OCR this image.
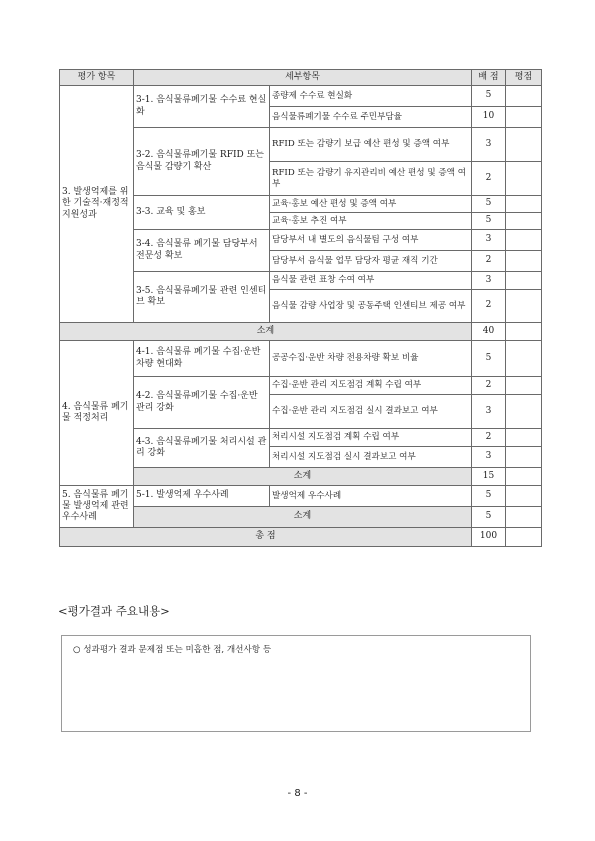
평가 항목	세부항목		배 점	평점
3. 발생억제를 위한 기술적·재정적 지원성과	3-1. 음식물류폐기물 수수료 현실화	종량제 수수료 현실화	5	
		음식물류폐기물 수수료 주민부담율	10	
	3-2. 음식물류폐기물 RFID 또는 음식물 감량기 확산	RFID 또는 감량기 보급 예산 편성 및 증액 여부	3	
		RFID 또는 감량기 유지관리비 예산 편성 및 증액 여부	2	
	3-3. 교육 및 홍보	교육·홍보 예산 편성 및 증액 여부	5	
		교육·홍보 추진 여부	5	
	3-4. 음식물류 폐기물 담당부서 전문성 확보	담당부서 내 별도의 음식물팀 구성 여부	3	
		담당부서 음식물 업무 담당자 평균 재직 기간	2	
	3-5. 음식물류폐기물 관련 인센티브 확보	음식물 관련 표창 수여 여부	3	
		음식물 감량 사업장 및 공동주택 인센티브 제공 여부	2	
소계			40	
4. 음식물류 폐기물 적정처리	4-1. 음식물류 폐기물 수집·운반차량 현대화	공공수집·운반 차량 전용차량 확보 비율	5	
	4-2. 음식물류폐기물 수집·운반 관리 강화	수집·운반 관리 지도점검 계획 수립 여부	2	
		수집·운반 관리 지도점검 실시 결과보고 여부	3	
	4-3. 음식물류폐기물 처리시설 관리 강화	처리시설 지도점검 계획 수립 여부	2	
		처리시설 지도점검 실시 결과보고 여부	3	
	소계		15	
5. 음식물류 폐기물 발생억제 관련 우수사례	5-1. 발생억제 우수사례	발생억제 우수사례	5	
	소계		5	
총 점			100	
<평가결과 주요내용>

○ 성과평가 결과 문제점 또는 미흡한 점, 개선사항 등

- 8 -
